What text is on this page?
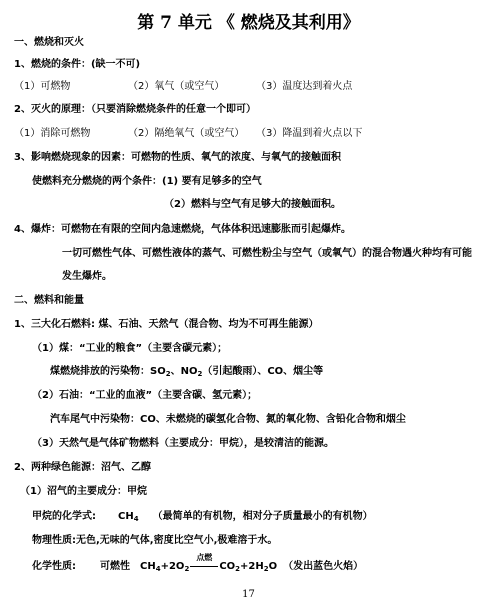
第 7 单元 《 燃烧及其利用》
一、燃烧和灭火
1、燃烧的条件：(缺一不可)
（1）可燃物	（2）氧气（或空气）	（3）温度达到着火点
2、灭火的原理：（只要消除燃烧条件的任意一个即可）
（1）消除可燃物	（2）隔绝氧气（或空气） （3）降温到着火点以下
3、影响燃烧现象的因素：可燃物的性质、氧气的浓度、与氧气的接触面积
使燃料充分燃烧的两个条件：(1) 要有足够多的空气
（2）燃料与空气有足够大的接触面积。
4、爆炸：可燃物在有限的空间内急速燃烧，气体体积迅速膨胀而引起爆炸。
一切可燃性气体、可燃性液体的蒸气、可燃性粉尘与空气（或氧气）的混合物遇火种均有可能
发生爆炸。
二、燃料和能量
1、三大化石燃料: 煤、石油、天然气（混合物、均为不可再生能源）
（1）煤：“工业的粮食”（主要含碳元素）；
煤燃烧排放的污染物：$SO_2$、$NO_2$（引起酸雨）、CO、烟尘等
（2）石油：“工业的血液”（主要含碳、氢元素）；
汽车尾气中污染物：CO、未燃烧的碳氢化合物、氮的氧化物、含铅化合物和烟尘
（3）天然气是气体矿物燃料（主要成分：甲烷），是较清洁的能源。
2、两种绿色能源：沼气、乙醇
（1）沼气的主要成分：甲烷
甲烷的化学式: $CH_4$ （最简单的有机物，相对分子质量最小的有机物）
物理性质:无色,无味的气体,密度比空气小,极难溶于水。
化学性质: 可燃性 $CH_4+2O_2$
点燃
$CO_2+2H_2O$ （发出蓝色火焰）
17
